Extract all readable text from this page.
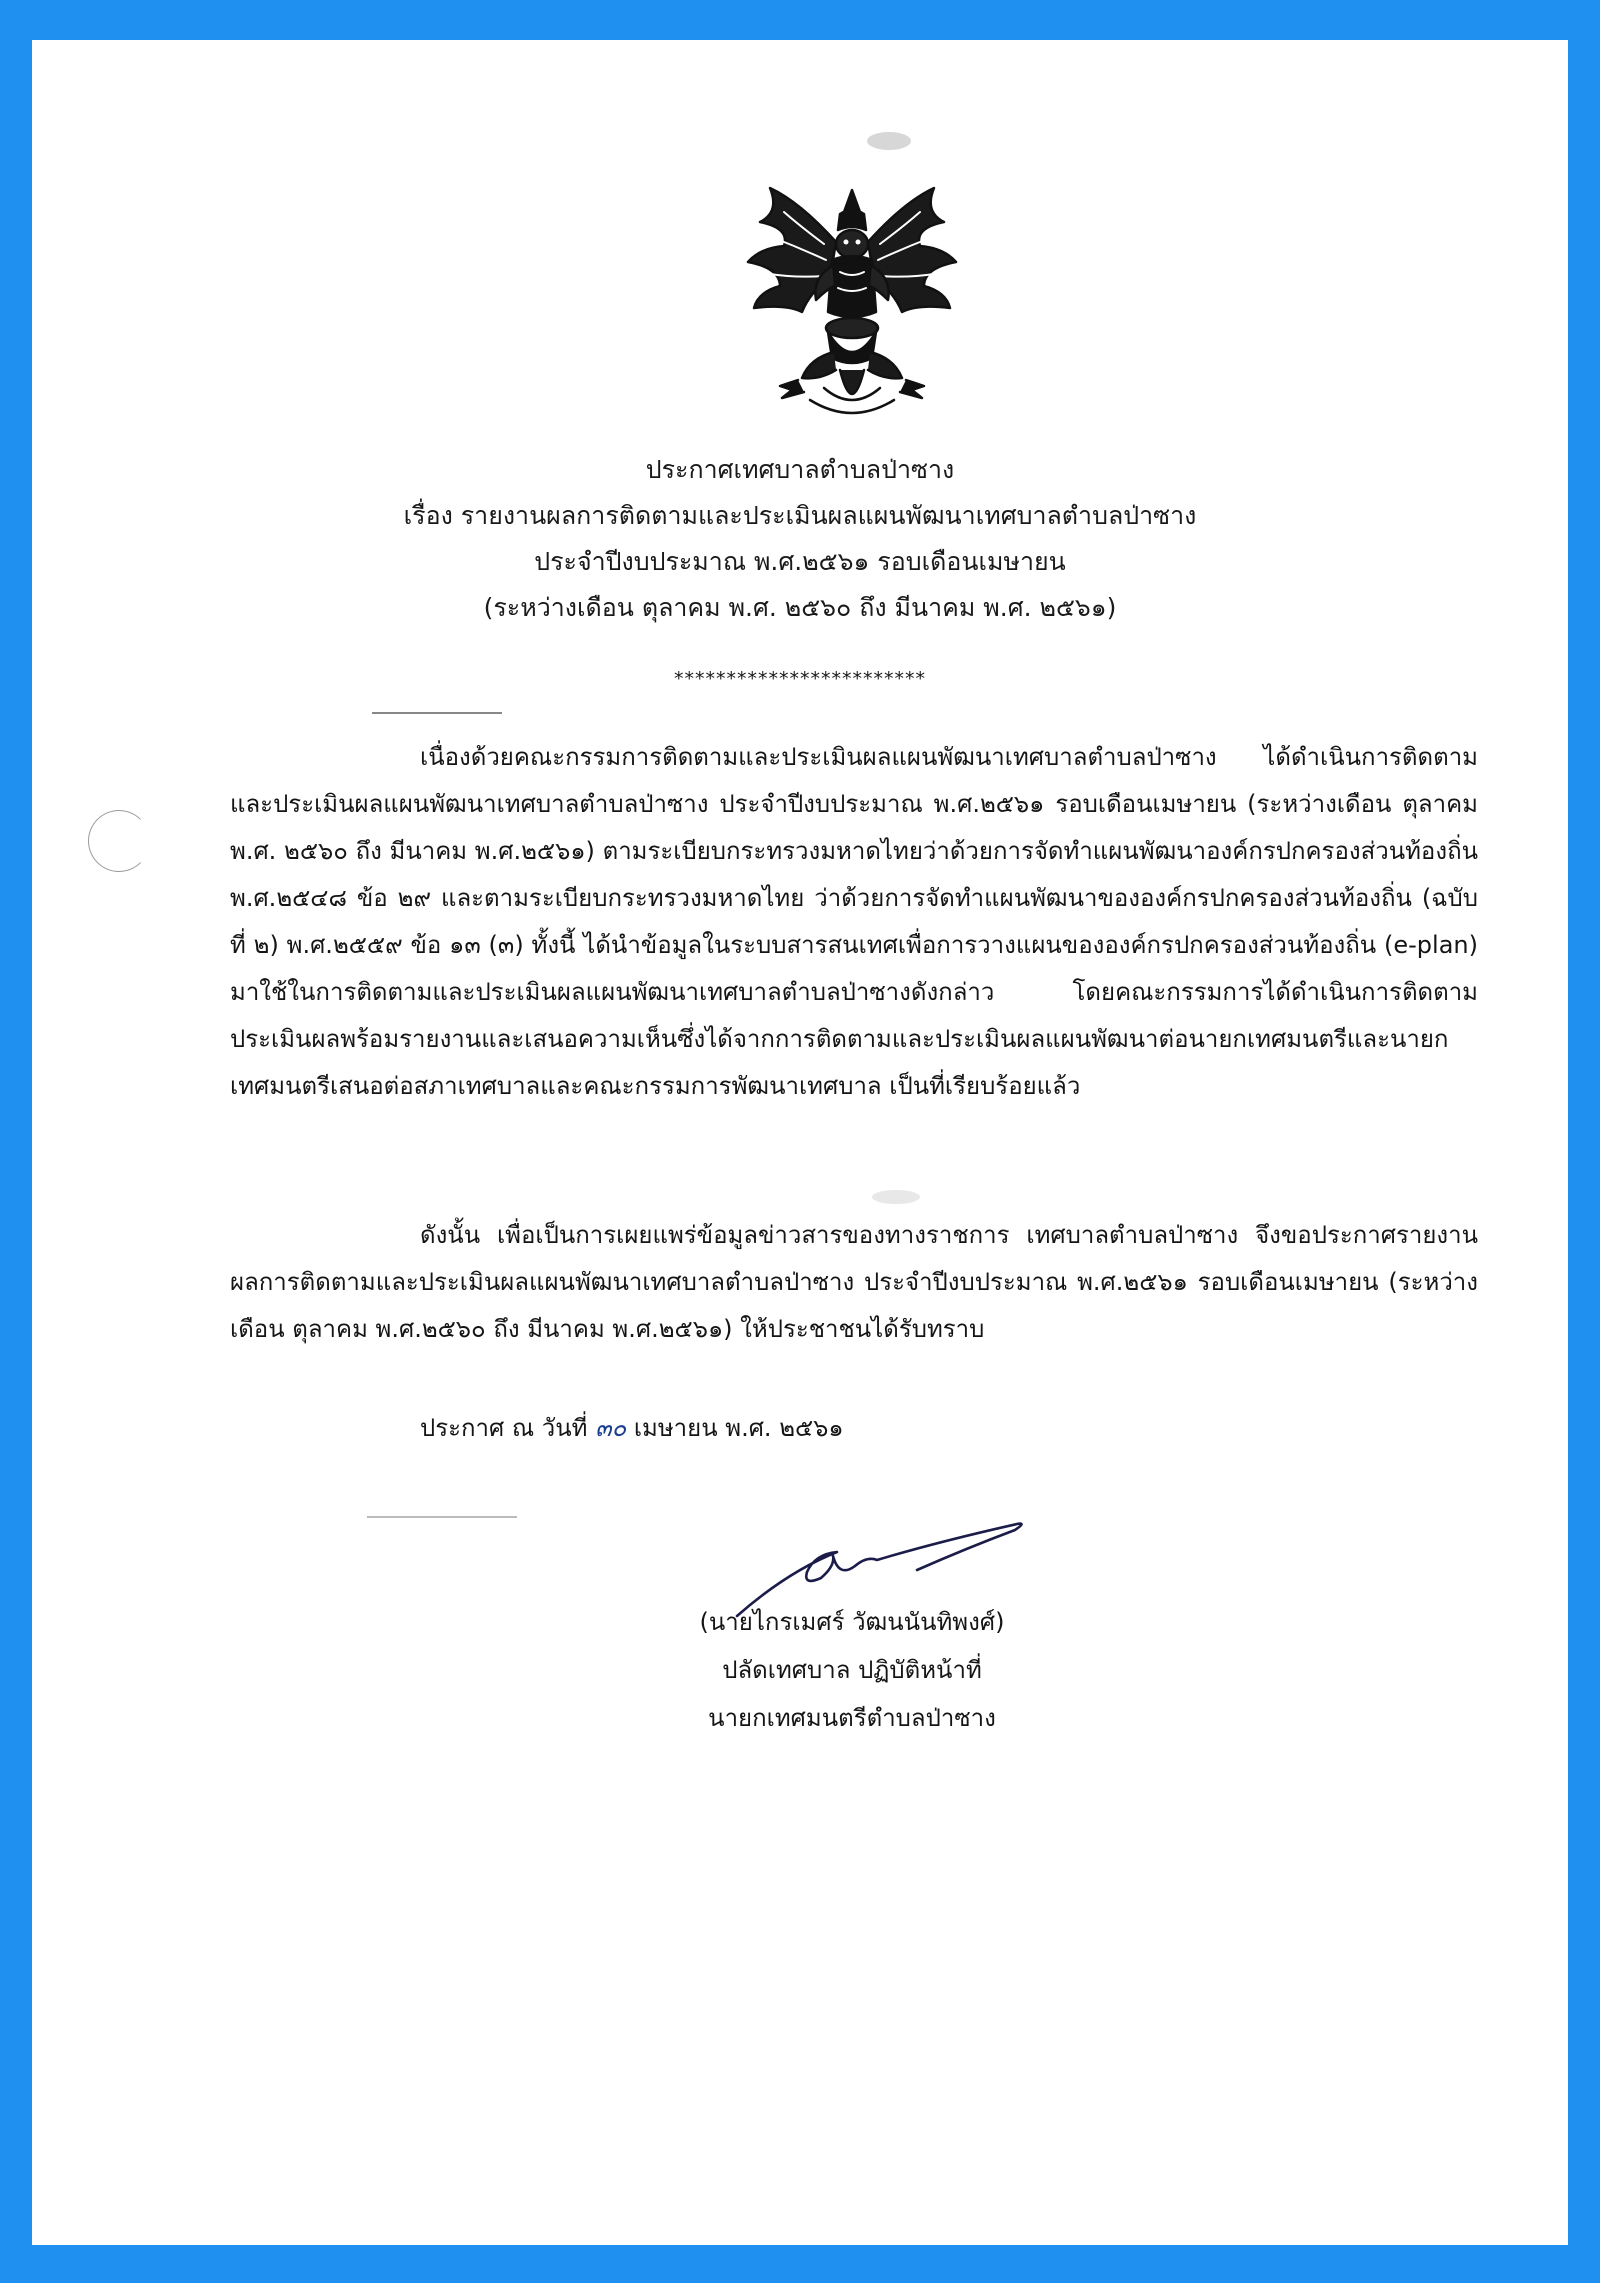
ประกาศเทศบาลตำบลป่าซาง
เรื่อง รายงานผลการติดตามและประเมินผลแผนพัฒนาเทศบาลตำบลป่าซาง
ประจำปีงบประมาณ พ.ศ.๒๕๖๑ รอบเดือนเมษายน
(ระหว่างเดือน ตุลาคม พ.ศ. ๒๕๖๐ ถึง มีนาคม พ.ศ. ๒๕๖๑)
************************

เนื่องด้วยคณะกรรมการติดตามและประเมินผลแผนพัฒนาเทศบาลตำบลป่าซาง ได้ดำเนินการติดตามและประเมินผลแผนพัฒนาเทศบาลตำบลป่าซาง ประจำปีงบประมาณ พ.ศ.๒๕๖๑ รอบเดือนเมษายน (ระหว่างเดือน ตุลาคม พ.ศ. ๒๕๖๐ ถึง มีนาคม พ.ศ.๒๕๖๑) ตามระเบียบกระทรวงมหาดไทยว่าด้วยการจัดทำแผนพัฒนาองค์กรปกครองส่วนท้องถิ่น พ.ศ.๒๕๔๘ ข้อ ๒๙ และตามระเบียบกระทรวงมหาดไทย ว่าด้วยการจัดทำแผนพัฒนาขององค์กรปกครองส่วนท้องถิ่น (ฉบับที่ ๒) พ.ศ.๒๕๕๙ ข้อ ๑๓ (๓) ทั้งนี้ ได้นำข้อมูลในระบบสารสนเทศเพื่อการวางแผนขององค์กรปกครองส่วนท้องถิ่น (e-plan) มาใช้ในการติดตามและประเมินผลแผนพัฒนาเทศบาลตำบลป่าซางดังกล่าว โดยคณะกรรมการได้ดำเนินการติดตามประเมินผลพร้อมรายงานและเสนอความเห็นซึ่งได้จากการติดตามและประเมินผลแผนพัฒนาต่อนายกเทศมนตรีและนายกเทศมนตรีเสนอต่อสภาเทศบาลและคณะกรรมการพัฒนาเทศบาล เป็นที่เรียบร้อยแล้ว

ดังนั้น เพื่อเป็นการเผยแพร่ข้อมูลข่าวสารของทางราชการ เทศบาลตำบลป่าซาง จึงขอประกาศรายงานผลการติดตามและประเมินผลแผนพัฒนาเทศบาลตำบลป่าซาง ประจำปีงบประมาณ พ.ศ.๒๕๖๑ รอบเดือนเมษายน (ระหว่างเดือน ตุลาคม พ.ศ.๒๕๖๐ ถึง มีนาคม พ.ศ.๒๕๖๑) ให้ประชาชนได้รับทราบ

ประกาศ ณ วันที่ ๓๐ เมษายน พ.ศ. ๒๕๖๑
(นายไกรเมศร์ วัฒนนันทิพงศ์)
ปลัดเทศบาล ปฏิบัติหน้าที่
นายกเทศมนตรีตำบลป่าซาง
